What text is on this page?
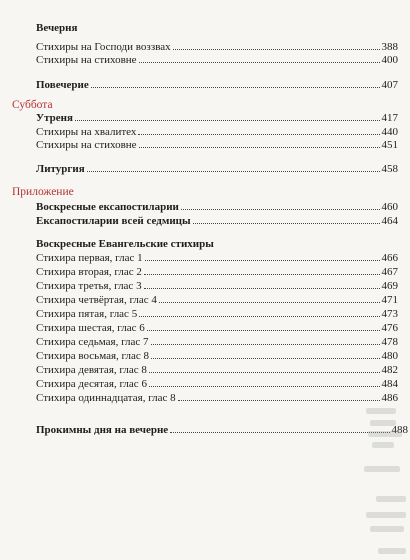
Вечерня
Стихиры на Господи воззвах	388
Стихиры на стиховне	400
Повечерие	407
Суббота
Утреня	417
Стихиры на хвалитех	440
Стихиры на стиховне	451
Литургия	458
Приложение
Воскресные ексапостиларии	460
Ексапостиларии всей седмицы	464
Воскресные Евангельские стихиры
Стихира первая, глас 1	466
Стихира вторая, глас 2	467
Стихира третья, глас 3	469
Стихира четвёртая, глас 4	471
Стихира пятая, глас 5	473
Стихира шестая, глас 6	476
Стихира седьмая, глас 7	478
Стихира восьмая, глас 8	480
Стихира девятая, глас 8	482
Стихира десятая, глас 6	484
Стихира одиннадцатая, глас 8	486
Прокимны дня на вечерне	488
